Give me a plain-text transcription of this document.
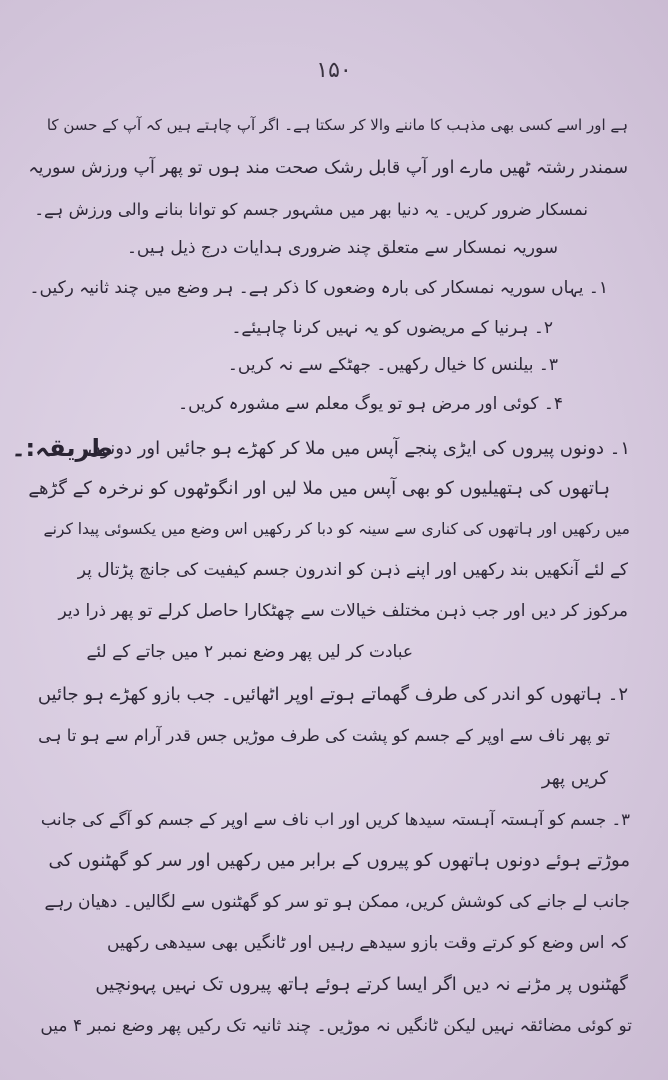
۱۵۰
ہے اور اسے کسی بھی مذہب کا ماننے والا کر سکتا ہے۔ اگر آپ چاہتے ہیں کہ آپ کے حسن کا
سمندر رشتہ ٹھیں مارے اور آپ قابل رشک صحت مند ہوں تو پھر آپ ورزش سوریہ
نمسکار ضرور کریں۔ یہ دنیا بھر میں مشہور جسم کو توانا بنانے والی ورزش ہے۔
سوریہ نمسکار سے متعلق چند ضروری ہدایات درج ذیل ہیں۔
۱۔ یہاں سوریہ نمسکار کی بارہ وضعوں کا ذکر ہے۔ ہر وضع میں چند ثانیہ رکیں۔
۲۔ ہرنیا کے مریضوں کو یہ نہیں کرنا چاہیئے۔
۳۔ بیلنس کا خیال رکھیں۔ جھٹکے سے نہ کریں۔
۴۔ کوئی اور مرض ہو تو یوگ معلم سے مشورہ کریں۔
طریقہ:۔
۱۔ دونوں پیروں کی ایڑی پنجے آپس میں ملا کر کھڑے ہو جائیں اور دونوں
ہاتھوں کی ہتھیلیوں کو بھی آپس میں ملا لیں اور انگوٹھوں کو نرخرہ کے گڑھے
میں رکھیں اور ہاتھوں کی کناری سے سینہ کو دبا کر رکھیں اس وضع میں یکسوئی پیدا کرنے
کے لئے آنکھیں بند رکھیں اور اپنے ذہن کو اندرون جسم کیفیت کی جانچ پڑتال پر
مرکوز کر دیں اور جب ذہن مختلف خیالات سے چھٹکارا حاصل کرلے تو پھر ذرا دیر
عبادت کر لیں پھر وضع نمبر ۲ میں جاتے کے لئے
۲۔ ہاتھوں کو اندر کی طرف گھماتے ہوتے اوپر اٹھائیں۔ جب بازو کھڑے ہو جائیں
تو پھر ناف سے اوپر کے جسم کو پشت کی طرف موڑیں جس قدر آرام سے ہو تا ہی
کریں پھر
۳۔ جسم کو آہستہ آہستہ سیدھا کریں اور اب ناف سے اوپر کے جسم کو آگے کی جانب
موڑتے ہوئے دونوں ہاتھوں کو پیروں کے برابر میں رکھیں اور سر کو گھٹنوں کی
جانب لے جانے کی کوشش کریں، ممکن ہو تو سر کو گھٹنوں سے لگالیں۔ دھیان رہے
کہ اس وضع کو کرتے وقت بازو سیدھے رہیں اور ٹانگیں بھی سیدھی رکھیں
گھٹنوں پر مڑنے نہ دیں اگر ایسا کرتے ہوئے ہاتھ پیروں تک نہیں پہونچیں
تو کوئی مضائقہ نہیں لیکن ٹانگیں نہ موڑیں۔ چند ثانیہ تک رکیں پھر وضع نمبر ۴ میں
